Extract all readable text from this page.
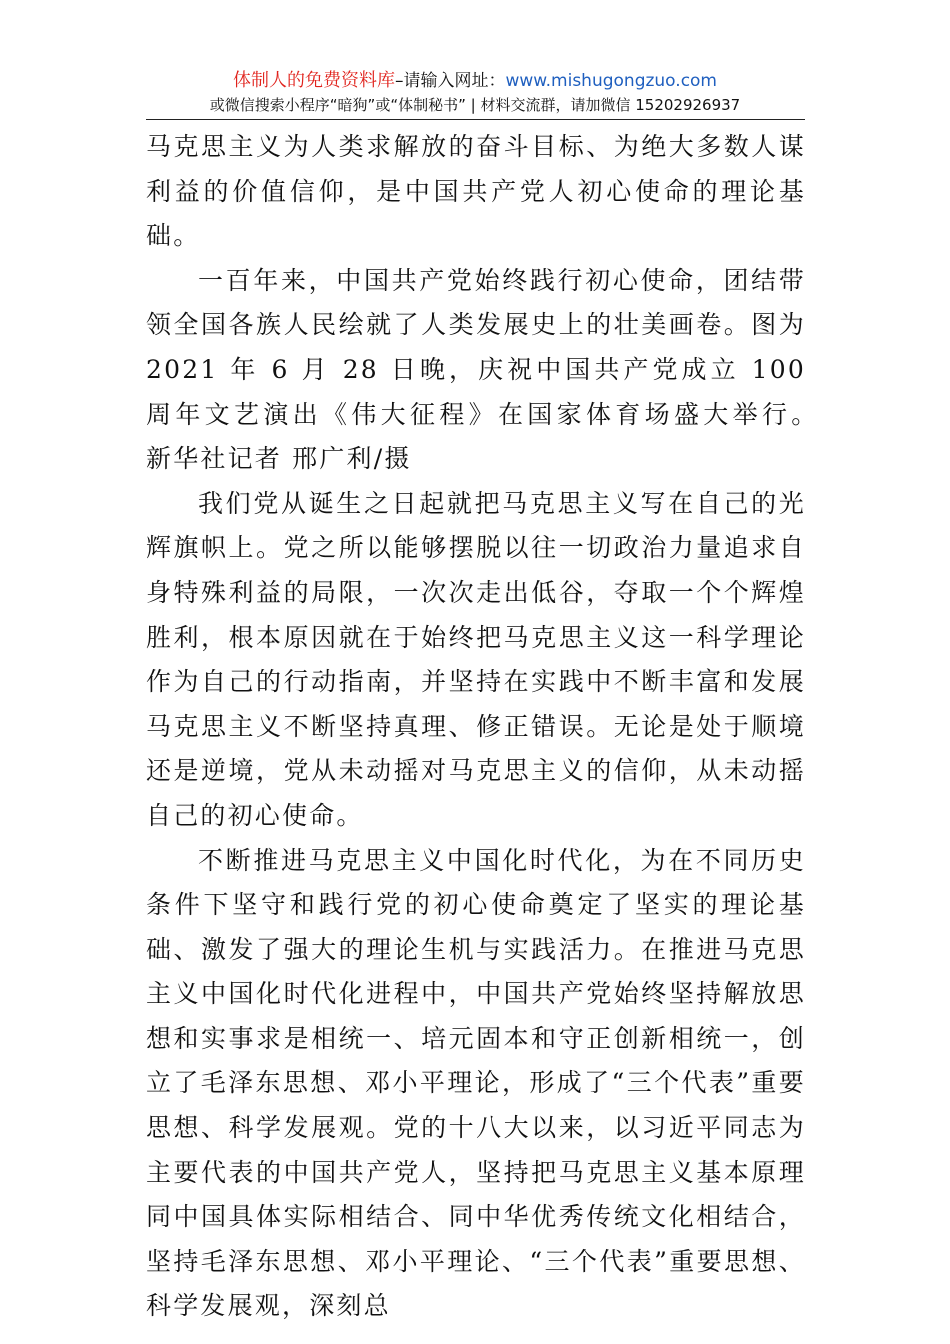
体制人的免费资料库–请输入网址：www.mishugongzuo.com
或微信搜索小程序“暗狗”或“体制秘书” | 材料交流群，请加微信 15202926937

马克思主义为人类求解放的奋斗目标、为绝大多数人谋利益的价值信仰，是中国共产党人初心使命的理论基础。

一百年来，中国共产党始终践行初心使命，团结带领全国各族人民绘就了人类发展史上的壮美画卷。图为 2021 年 6 月 28 日晚，庆祝中国共产党成立 100 周年文艺演出《伟大征程》在国家体育场盛大举行。　新华社记者 邢广利/摄

我们党从诞生之日起就把马克思主义写在自己的光辉旗帜上。党之所以能够摆脱以往一切政治力量追求自身特殊利益的局限，一次次走出低谷，夺取一个个辉煌胜利，根本原因就在于始终把马克思主义这一科学理论作为自己的行动指南，并坚持在实践中不断丰富和发展马克思主义不断坚持真理、修正错误。无论是处于顺境还是逆境，党从未动摇对马克思主义的信仰，从未动摇自己的初心使命。

不断推进马克思主义中国化时代化，为在不同历史条件下坚守和践行党的初心使命奠定了坚实的理论基础、激发了强大的理论生机与实践活力。在推进马克思主义中国化时代化进程中，中国共产党始终坚持解放思想和实事求是相统一、培元固本和守正创新相统一，创立了毛泽东思想、邓小平理论，形成了“三个代表”重要思想、科学发展观。党的十八大以来，以习近平同志为主要代表的中国共产党人，坚持把马克思主义基本原理同中国具体实际相结合、同中华优秀传统文化相结合，坚持毛泽东思想、邓小平理论、“三个代表”重要思想、科学发展观，深刻总
